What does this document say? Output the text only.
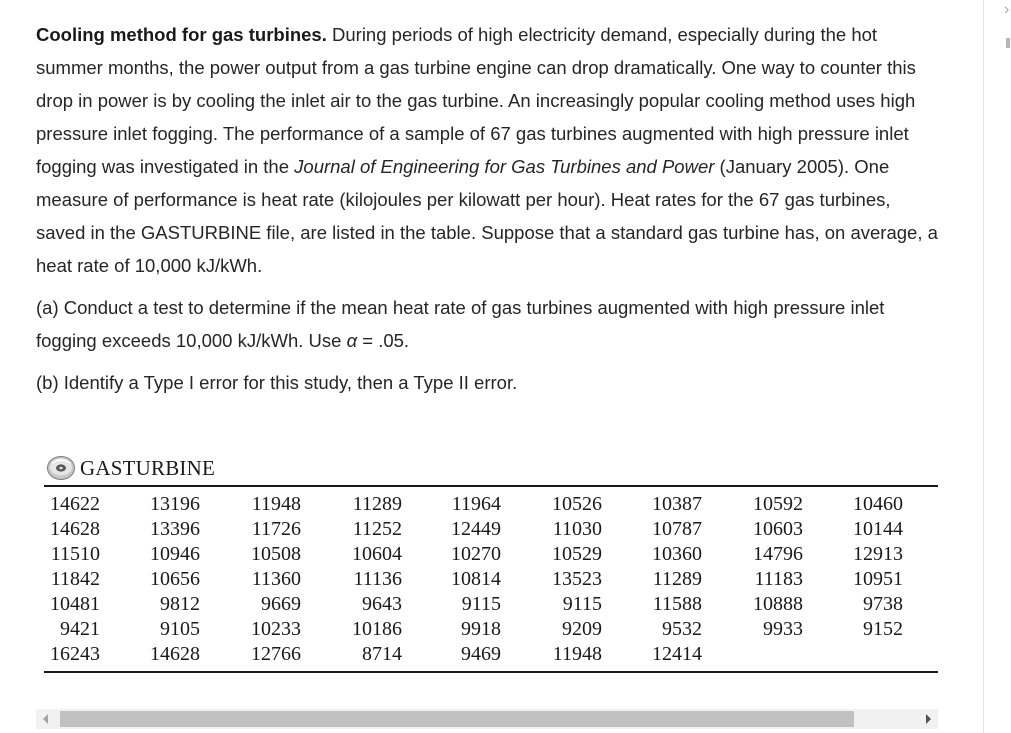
Cooling method for gas turbines. During periods of high electricity demand, especially during the hot summer months, the power output from a gas turbine engine can drop dramatically. One way to counter this drop in power is by cooling the inlet air to the gas turbine. An increasingly popular cooling method uses high pressure inlet fogging. The performance of a sample of 67 gas turbines augmented with high pressure inlet fogging was investigated in the Journal of Engineering for Gas Turbines and Power (January 2005). One measure of performance is heat rate (kilojoules per kilowatt per hour). Heat rates for the 67 gas turbines, saved in the GASTURBINE file, are listed in the table. Suppose that a standard gas turbine has, on average, a heat rate of 10,000 kJ/kWh.

(a) Conduct a test to determine if the mean heat rate of gas turbines augmented with high pressure inlet fogging exceeds 10,000 kJ/kWh. Use α = .05.

(b) Identify a Type I error for this study, then a Type II error.

GASTURBINE
14622	13196	11948	11289	11964	10526	10387	10592	10460
14628	13396	11726	11252	12449	11030	10787	10603	10144
11510	10946	10508	10604	10270	10529	10360	14796	12913
11842	10656	11360	11136	10814	13523	11289	11183	10951
10481	9812	9669	9643	9115	9115	11588	10888	9738
9421	9105	10233	10186	9918	9209	9532	9933	9152
16243	14628	12766	8714	9469	11948	12414		
›
